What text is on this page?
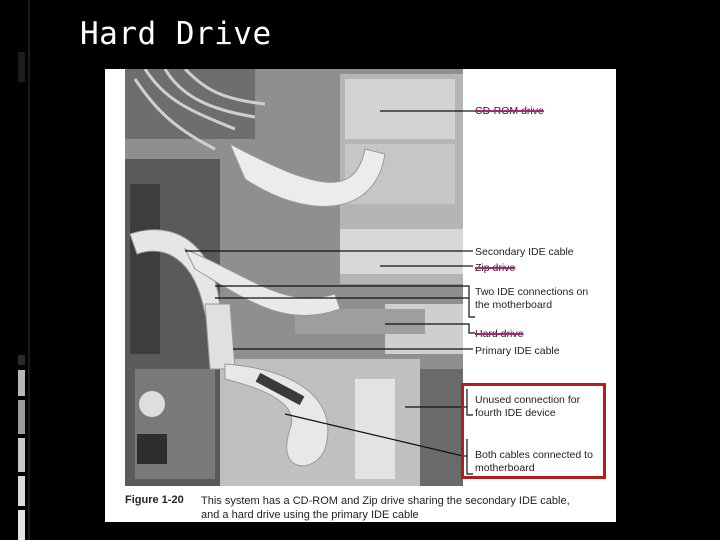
Hard Drive
CD-ROM drive
Secondary IDE cable
Zip drive
Two IDE connections on
the motherboard
Hard drive
Primary IDE cable
Unused connection for
fourth IDE device
Both cables connected to
motherboard
Figure 1-20 This system has a CD-ROM and Zip drive sharing the secondary IDE cable,
and a hard drive using the primary IDE cable
